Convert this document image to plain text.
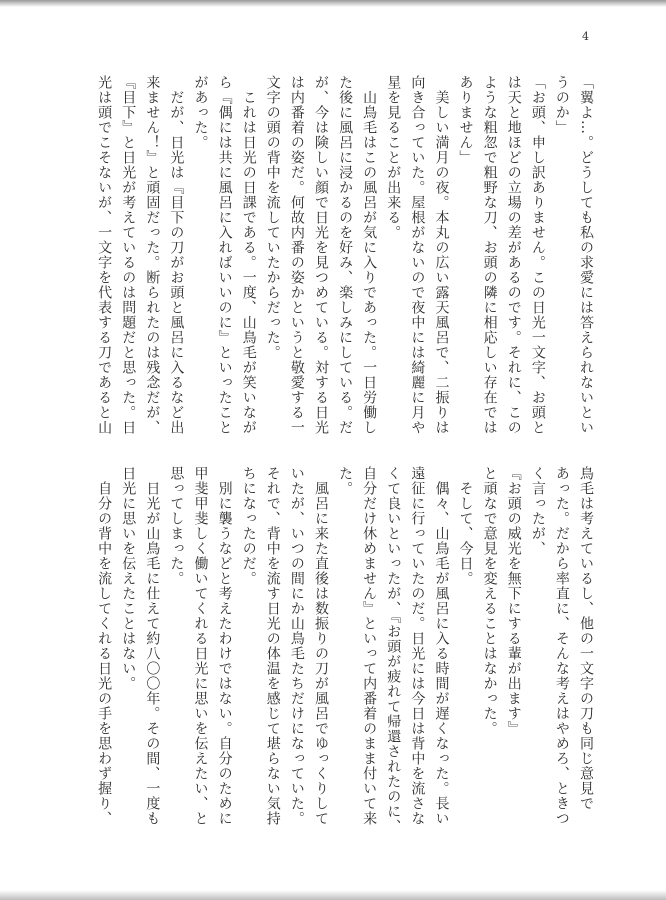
4

「翼よ…。どうしても私の求愛には答えられないとい

うのか」

「お頭、申し訳ありません。この日光一文字、お頭と

は天と地ほどの立場の差があるのです。それに、この

ような粗忽で粗野な刀、お頭の隣に相応しい存在では

ありません」

　美しい満月の夜。本丸の広い露天風呂で、二振りは

向き合っていた。屋根がないので夜中には綺麗に月や

星を見ることが出来る。

　山鳥毛はこの風呂が気に入りであった。一日労働し

た後に風呂に浸かるのを好み、楽しみにしている。だ

が、今は険しい顔で日光を見つめている。対する日光

は内番着の姿だ。何故内番の姿かというと敬愛する一

文字の頭の背中を流していたからだった。

　これは日光の日課である。一度、山鳥毛が笑いなが

ら『偶には共に風呂に入ればいいのに』といったこと

があった。

　だが、日光は『目下の刀がお頭と風呂に入るなど出

来ません！』と頑固だった。断られたのは残念だが、

『目下』と日光が考えているのは問題だと思った。日

光は頭でこそないが、一文字を代表する刀であると山

鳥毛は考えているし、他の一文字の刀も同じ意見で

あった。だから率直に、そんな考えはやめろ、ときつ

く言ったが、

『お頭の威光を無下にする輩が出ます』

と頑なで意見を変えることはなかった。

　そして、今日。

　偶々、山鳥毛が風呂に入る時間が遅くなった。長い

遠征に行っていたのだ。日光には今日は背中を流さな

くて良いといったが、『お頭が疲れて帰還されたのに、

自分だけ休めません』といって内番着のまま付いて来

た。

　風呂に来た直後は数振りの刀が風呂でゆっくりして

いたが、いつの間にか山鳥毛たちだけになっていた。

それで、背中を流す日光の体温を感じて堪らない気持

ちになったのだ。

　別に襲うなどと考えたわけではない。自分のために

甲斐甲斐しく働いてくれる日光に思いを伝えたい、と

思ってしまった。

　日光が山鳥毛に仕えて約八〇〇年。その間、一度も

日光に思いを伝えたことはない。

　自分の背中を流してくれる日光の手を思わず握り、
